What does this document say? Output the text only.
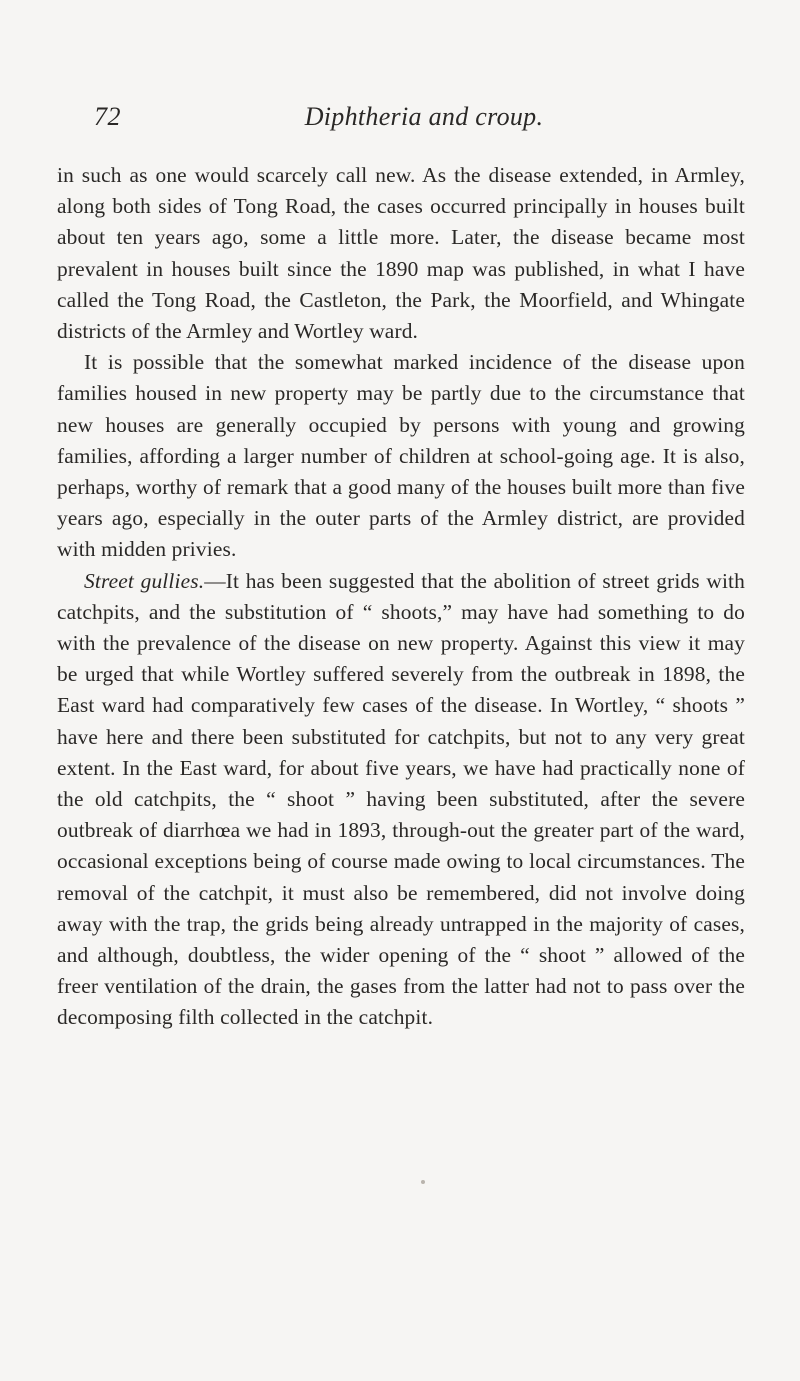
72	Diphtheria and croup.

in such as one would scarcely call new. As the disease extended, in Armley, along both sides of Tong Road, the cases occurred principally in houses built about ten years ago, some a little more. Later, the disease became most prevalent in houses built since the 1890 map was published, in what I have called the Tong Road, the Castleton, the Park, the Moorfield, and Whingate districts of the Armley and Wortley ward.

It is possible that the somewhat marked incidence of the disease upon families housed in new property may be partly due to the circumstance that new houses are generally occupied by persons with young and growing families, affording a larger number of children at school-going age. It is also, perhaps, worthy of remark that a good many of the houses built more than five years ago, especially in the outer parts of the Armley district, are provided with midden privies.

Street gullies.—It has been suggested that the abolition of street grids with catchpits, and the substitution of “ shoots,” may have had something to do with the prevalence of the disease on new property. Against this view it may be urged that while Wortley suffered severely from the outbreak in 1898, the East ward had comparatively few cases of the disease. In Wortley, “ shoots ” have here and there been substituted for catchpits, but not to any very great extent. In the East ward, for about five years, we have had practically none of the old catchpits, the “ shoot ” having been substituted, after the severe outbreak of diarrhœa we had in 1893, through-out the greater part of the ward, occasional exceptions being of course made owing to local circumstances. The removal of the catchpit, it must also be remembered, did not involve doing away with the trap, the grids being already untrapped in the majority of cases, and although, doubtless, the wider opening of the “ shoot ” allowed of the freer ventilation of the drain, the gases from the latter had not to pass over the decomposing filth collected in the catchpit.
